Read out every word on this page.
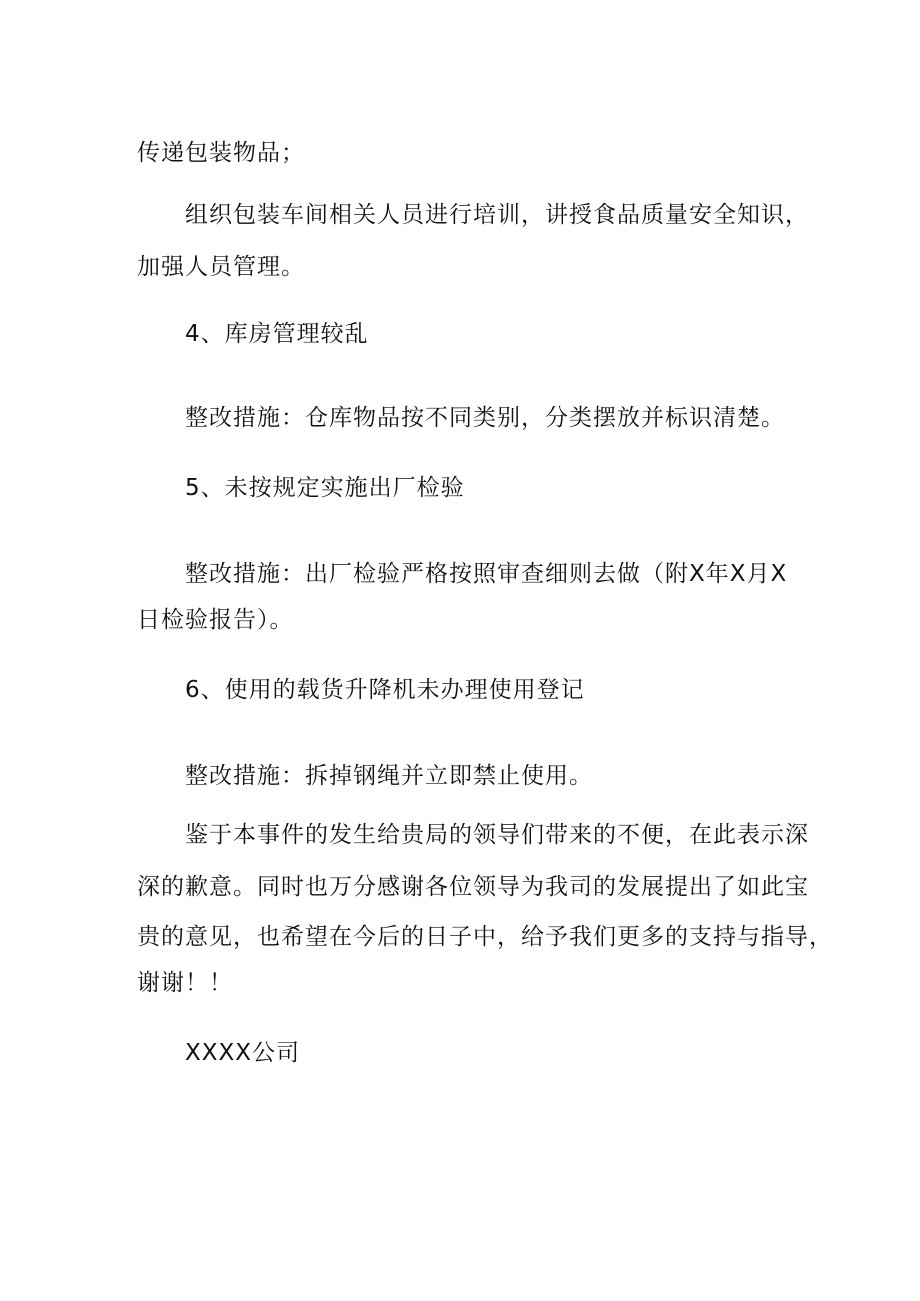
传递包装物品；
组织包装车间相关人员进行培训，讲授食品质量安全知识，
加强人员管理。
4、库房管理较乱
整改措施：仓库物品按不同类别，分类摆放并标识清楚。
5、未按规定实施出厂检验
整改措施：出厂检验严格按照审查细则去做（附Ⅹ年Ⅹ月Ⅹ
日检验报告）。
6、使用的载货升降机未办理使用登记
整改措施：拆掉钢绳并立即禁止使用。
鉴于本事件的发生给贵局的领导们带来的不便，在此表示深
深的歉意。同时也万分感谢各位领导为我司的发展提出了如此宝
贵的意见，也希望在今后的日子中，给予我们更多的支持与指导，
谢谢！！
XXXX公司
